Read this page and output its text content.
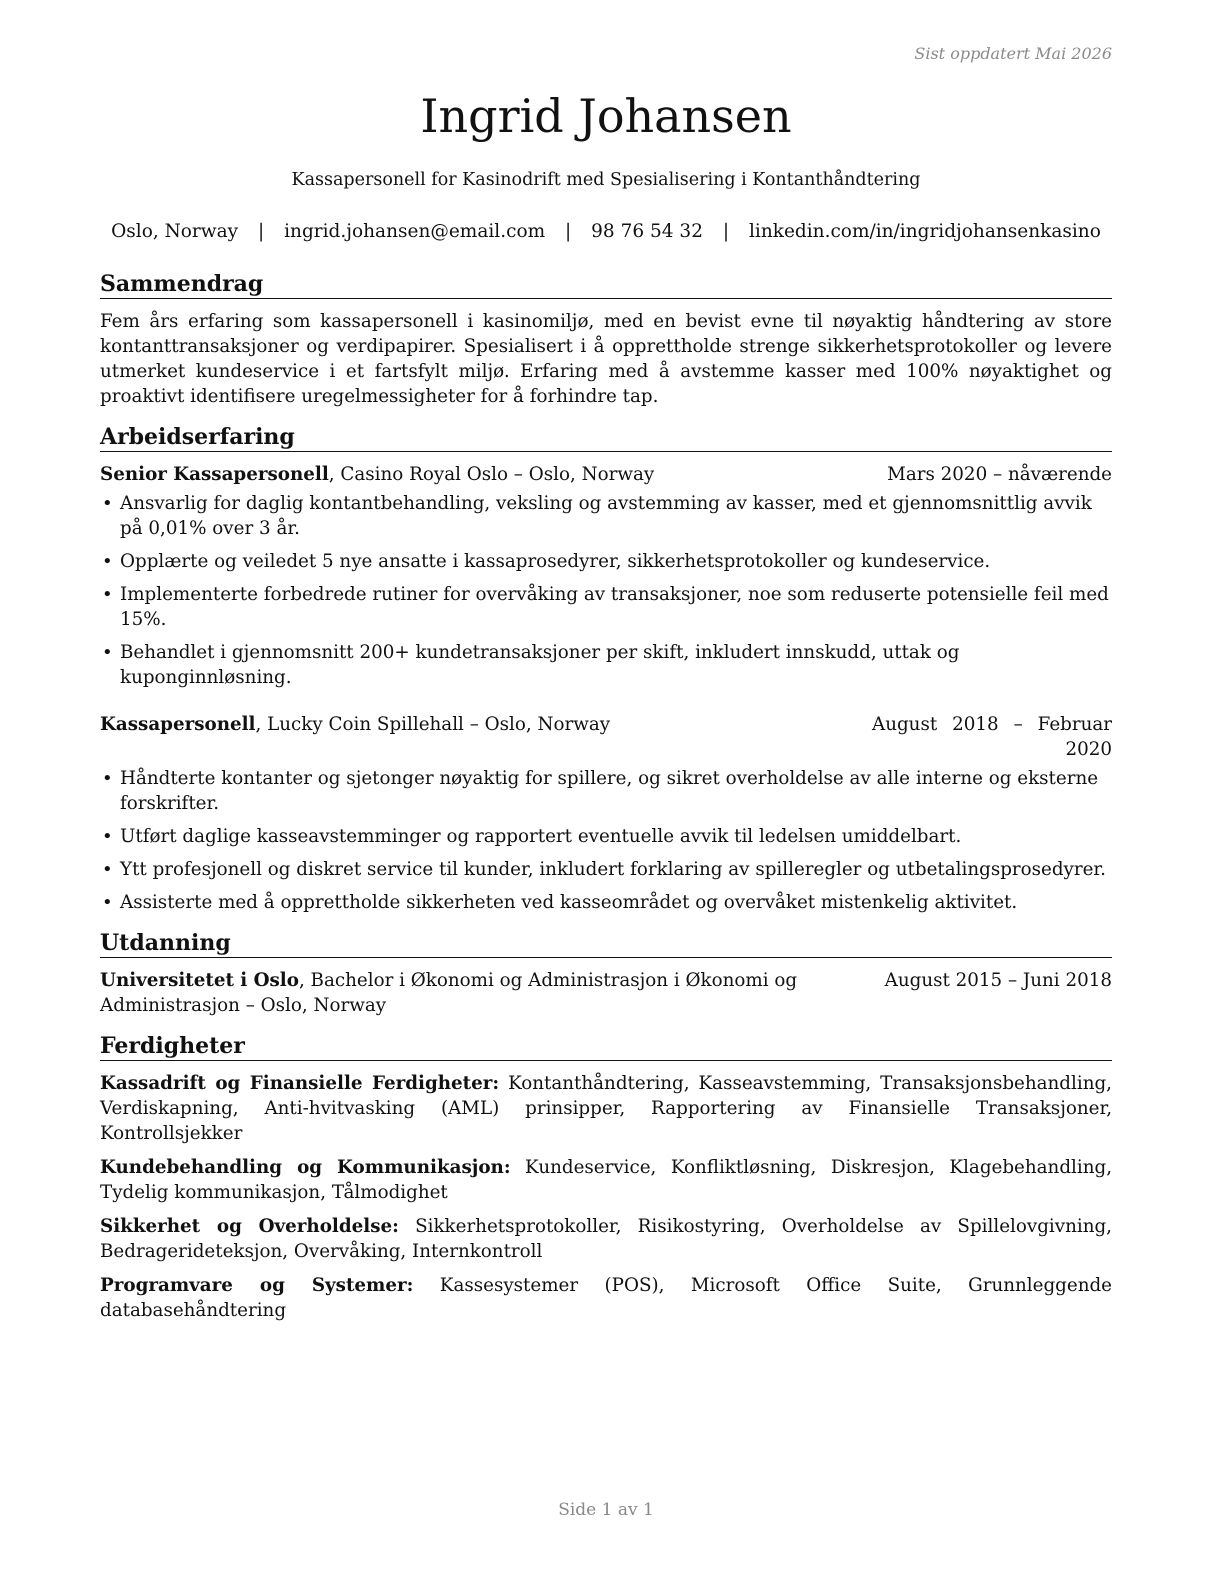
Sist oppdatert Mai 2026
Ingrid Johansen
Kassapersonell for Kasinodrift med Spesialisering i Kontanthåndtering
Oslo, Norway | ingrid.johansen@email.com | 98 76 54 32 | linkedin.com/in/ingridjohansenkasino
Sammendrag

Fem års erfaring som kassapersonell i kasinomiljø, med en bevist evne til nøyaktig håndtering av store kontanttransaksjoner og verdipapirer. Spesialisert i å opprettholde strenge sikkerhetsprotokoller og levere utmerket kundeservice i et fartsfylt miljø. Erfaring med å avstemme kasser med 100% nøyaktighet og proaktivt identifisere uregelmessigheter for å forhindre tap.

Arbeidserfaring
Senior Kassapersonell, Casino Royal Oslo – Oslo, Norway	Mars 2020 – nåværende
• Ansvarlig for daglig kontantbehandling, veksling og avstemming av kasser, med et gjennomsnittlig avvik på 0,01% over 3 år.
• Opplærte og veiledet 5 nye ansatte i kassaprosedyrer, sikkerhetsprotokoller og kundeservice.
• Implementerte forbedrede rutiner for overvåking av transaksjoner, noe som reduserte potensielle feil med 15%.
• Behandlet i gjennomsnitt 200+ kundetransaksjoner per skift, inkludert innskudd, uttak og kuponginnløsning.
Kassapersonell, Lucky Coin Spillehall – Oslo, Norway	August 2018 – Februar 2020
• Håndterte kontanter og sjetonger nøyaktig for spillere, og sikret overholdelse av alle interne og eksterne forskrifter.
• Utført daglige kasseavstemminger og rapportert eventuelle avvik til ledelsen umiddelbart.
• Ytt profesjonell og diskret service til kunder, inkludert forklaring av spilleregler og utbetalingsprosedyrer.
• Assisterte med å opprettholde sikkerheten ved kasseområdet og overvåket mistenkelig aktivitet.
Utdanning
Universitetet i Oslo, Bachelor i Økonomi og Administrasjon i Økonomi og Administrasjon – Oslo, Norway
August 2015 – Juni 2018
Ferdigheter

Kassadrift og Finansielle Ferdigheter: Kontanthåndtering, Kasseavstemming, Transaksjonsbehandling, Verdiskapning, Anti-hvitvasking (AML) prinsipper, Rapportering av Finansielle Transaksjoner, Kontrollsjekker

Kundebehandling og Kommunikasjon: Kundeservice, Konfliktløsning, Diskresjon, Klagebehandling, Tydelig kommunikasjon, Tålmodighet

Sikkerhet og Overholdelse: Sikkerhetsprotokoller, Risikostyring, Overholdelse av Spillelovgivning, Bedragerideteksjon, Overvåking, Internkontroll

Programvare og Systemer: Kassesystemer (POS), Microsoft Office Suite, Grunnleggende databasehåndtering

Side 1 av 1
